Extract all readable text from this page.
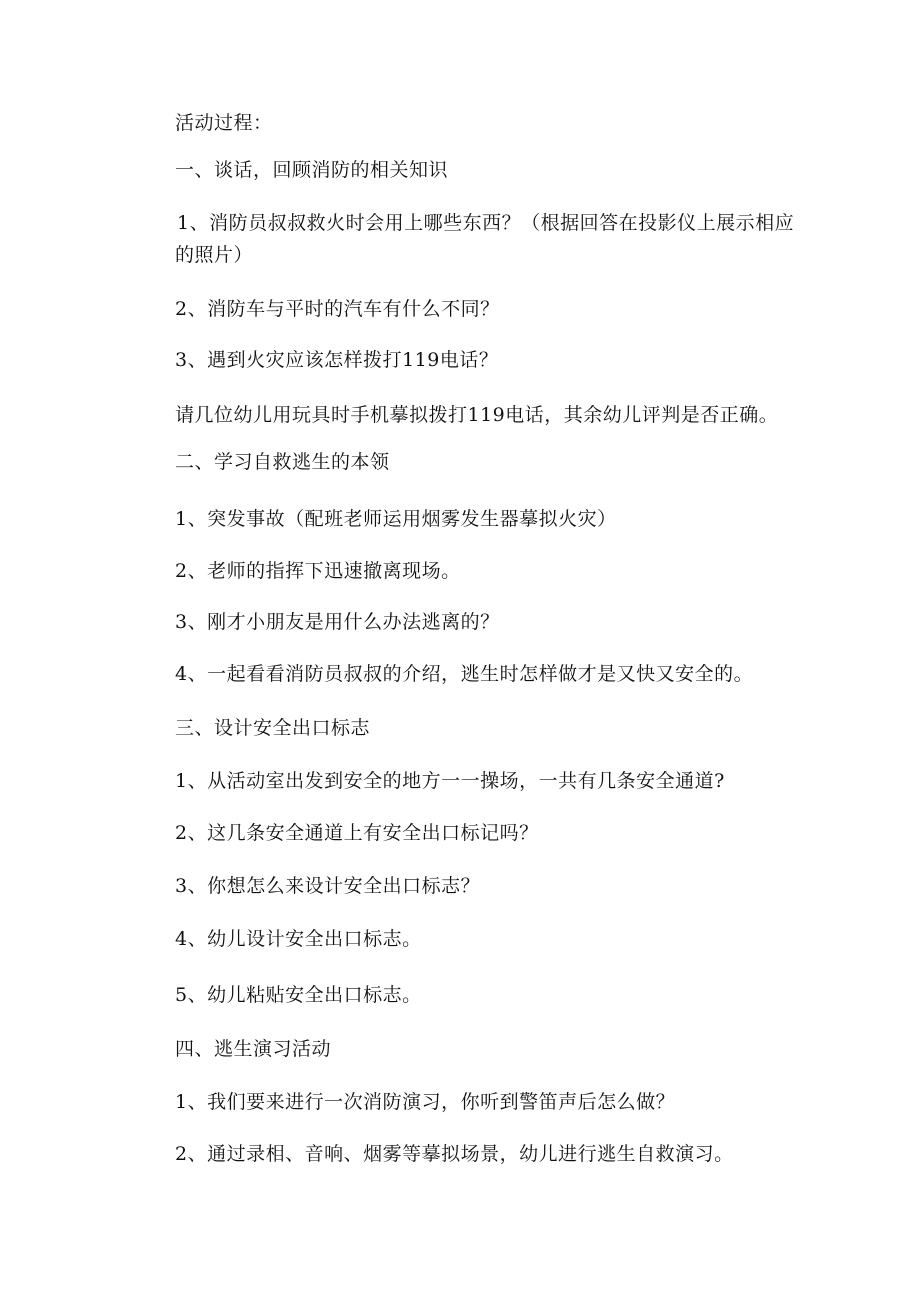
活动过程：
一、谈话，回顾消防的相关知识
1、消防员叔叔救火时会用上哪些东西？（根据回答在投影仪上展示相应的照片）
2、消防车与平时的汽车有什么不同？
3、遇到火灾应该怎样拨打119电话？
请几位幼儿用玩具时手机摹拟拨打119电话，其余幼儿评判是否正确。
二、学习自救逃生的本领
1、突发事故（配班老师运用烟雾发生器摹拟火灾）
2、老师的指挥下迅速撤离现场。
3、刚才小朋友是用什么办法逃离的？
4、一起看看消防员叔叔的介绍，逃生时怎样做才是又快又安全的。
三、设计安全出口标志
1、从活动室出发到安全的地方一一操场，一共有几条安全通道?
2、这几条安全通道上有安全出口标记吗？
3、你想怎么来设计安全出口标志？
4、幼儿设计安全出口标志。
5、幼儿粘贴安全出口标志。
四、逃生演习活动
1、我们要来进行一次消防演习，你听到警笛声后怎么做？
2、通过录相、音响、烟雾等摹拟场景，幼儿进行逃生自救演习。
